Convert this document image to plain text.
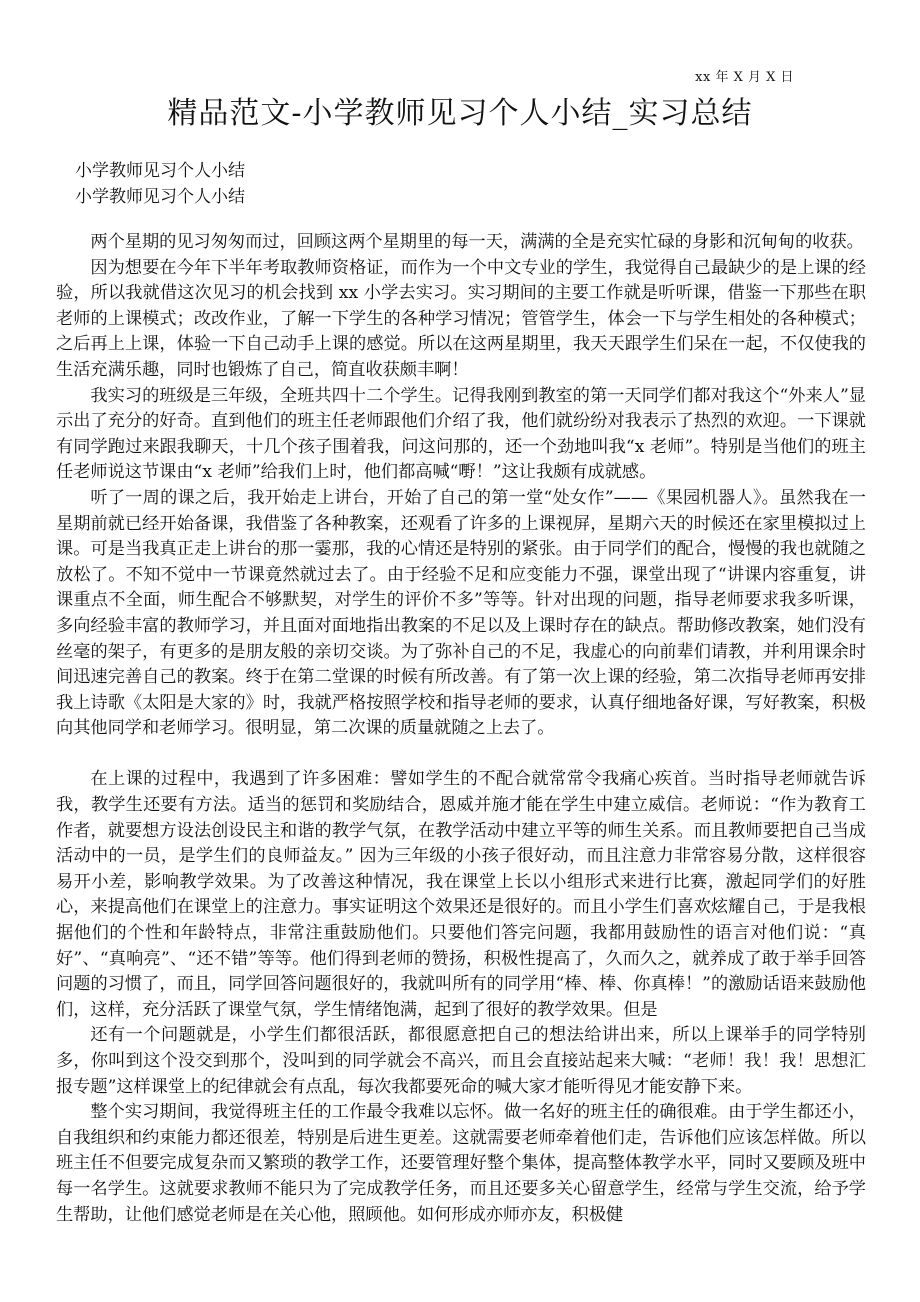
xx 年 X 月 X 日
精品范文-小学教师见习个人小结_实习总结
小学教师见习个人小结
小学教师见习个人小结

两个星期的见习匆匆而过，回顾这两个星期里的每一天，满满的全是充实忙碌的身影和沉甸甸的收获。

因为想要在今年下半年考取教师资格证，而作为一个中文专业的学生，我觉得自己最缺少的是上课的经验，所以我就借这次见习的机会找到 xx 小学去实习。实习期间的主要工作就是听听课，借鉴一下那些在职老师的上课模式；改改作业，了解一下学生的各种学习情况；管管学生，体会一下与学生相处的各种模式；之后再上上课，体验一下自己动手上课的感觉。所以在这两星期里，我天天跟学生们呆在一起，不仅使我的生活充满乐趣，同时也锻炼了自己，简直收获颇丰啊！

我实习的班级是三年级，全班共四十二个学生。记得我刚到教室的第一天同学们都对我这个“外来人”显示出了充分的好奇。直到他们的班主任老师跟他们介绍了我，他们就纷纷对我表示了热烈的欢迎。一下课就有同学跑过来跟我聊天，十几个孩子围着我，问这问那的，还一个劲地叫我“x 老师”。特别是当他们的班主任老师说这节课由“x 老师”给我们上时，他们都高喊“嘢！”这让我颇有成就感。

听了一周的课之后，我开始走上讲台，开始了自己的第一堂“处女作”——《果园机器人》。虽然我在一星期前就已经开始备课，我借鉴了各种教案，还观看了许多的上课视屏，星期六天的时候还在家里模拟过上课。可是当我真正走上讲台的那一霎那，我的心情还是特别的紧张。由于同学们的配合，慢慢的我也就随之放松了。不知不觉中一节课竟然就过去了。由于经验不足和应变能力不强，课堂出现了“讲课内容重复，讲课重点不全面，师生配合不够默契，对学生的评价不多”等等。针对出现的问题，指导老师要求我多听课，多向经验丰富的教师学习，并且面对面地指出教案的不足以及上课时存在的缺点。帮助修改教案，她们没有丝毫的架子，有更多的是朋友般的亲切交谈。为了弥补自己的不足，我虚心的向前辈们请教，并利用课余时间迅速完善自己的教案。终于在第二堂课的时候有所改善。有了第一次上课的经验，第二次指导老师再安排我上诗歌《太阳是大家的》时，我就严格按照学校和指导老师的要求，认真仔细地备好课，写好教案，积极向其他同学和老师学习。很明显，第二次课的质量就随之上去了。

在上课的过程中，我遇到了许多困难：譬如学生的不配合就常常令我痛心疾首。当时指导老师就告诉我，教学生还要有方法。适当的惩罚和奖励结合，恩威并施才能在学生中建立威信。老师说：“作为教育工作者，就要想方设法创设民主和谐的教学气氛，在教学活动中建立平等的师生关系。而且教师要把自己当成活动中的一员，是学生们的良师益友。” 因为三年级的小孩子很好动，而且注意力非常容易分散，这样很容易开小差，影响教学效果。为了改善这种情况，我在课堂上长以小组形式来进行比赛，激起同学们的好胜心，来提高他们在课堂上的注意力。事实证明这个效果还是很好的。而且小学生们喜欢炫耀自己，于是我根据他们的个性和年龄特点，非常注重鼓励他们。只要他们答完问题，我都用鼓励性的语言对他们说：“真好”、“真响亮”、“还不错”等等。他们得到老师的赞扬，积极性提高了，久而久之，就养成了敢于举手回答问题的习惯了，而且，同学回答问题很好的，我就叫所有的同学用“棒、棒、你真棒！”的激励话语来鼓励他们，这样，充分活跃了课堂气氛，学生情绪饱满，起到了很好的教学效果。但是

还有一个问题就是，小学生们都很活跃，都很愿意把自己的想法给讲出来，所以上课举手的同学特别多，你叫到这个没交到那个，没叫到的同学就会不高兴，而且会直接站起来大喊：“老师！我！我！思想汇报专题”这样课堂上的纪律就会有点乱，每次我都要死命的喊大家才能听得见才能安静下来。

整个实习期间，我觉得班主任的工作最令我难以忘怀。做一名好的班主任的确很难。由于学生都还小，自我组织和约束能力都还很差，特别是后进生更差。这就需要老师牵着他们走，告诉他们应该怎样做。所以班主任不但要完成复杂而又繁琐的教学工作，还要管理好整个集体，提高整体教学水平，同时又要顾及班中每一名学生。这就要求教师不能只为了完成教学任务，而且还要多关心留意学生，经常与学生交流，给予学生帮助，让他们感觉老师是在关心他，照顾他。如何形成亦师亦友，积极健
